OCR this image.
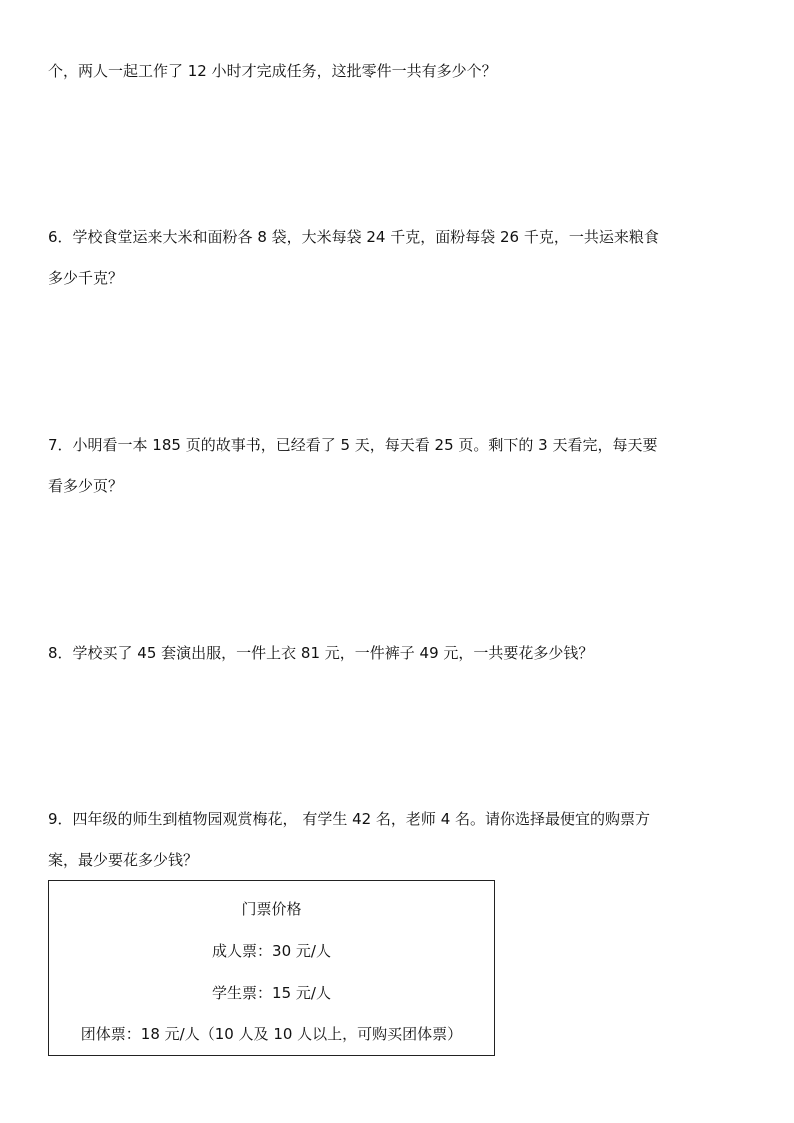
个，两人一起工作了 12 小时才完成任务，这批零件一共有多少个？
6．学校食堂运来大米和面粉各 8 袋，大米每袋 24 千克，面粉每袋 26 千克，一共运来粮食
多少千克？
7．小明看一本 185 页的故事书，已经看了 5 天，每天看 25 页。剩下的 3 天看完，每天要
看多少页？
8．学校买了 45 套演出服，一件上衣 81 元，一件裤子 49 元，一共要花多少钱？
9．四年级的师生到植物园观赏梅花， 有学生 42 名，老师 4 名。请你选择最便宜的购票方
案，最少要花多少钱？
门票价格
成人票：30 元/人
学生票：15 元/人
团体票：18 元/人（10 人及 10 人以上，可购买团体票）
